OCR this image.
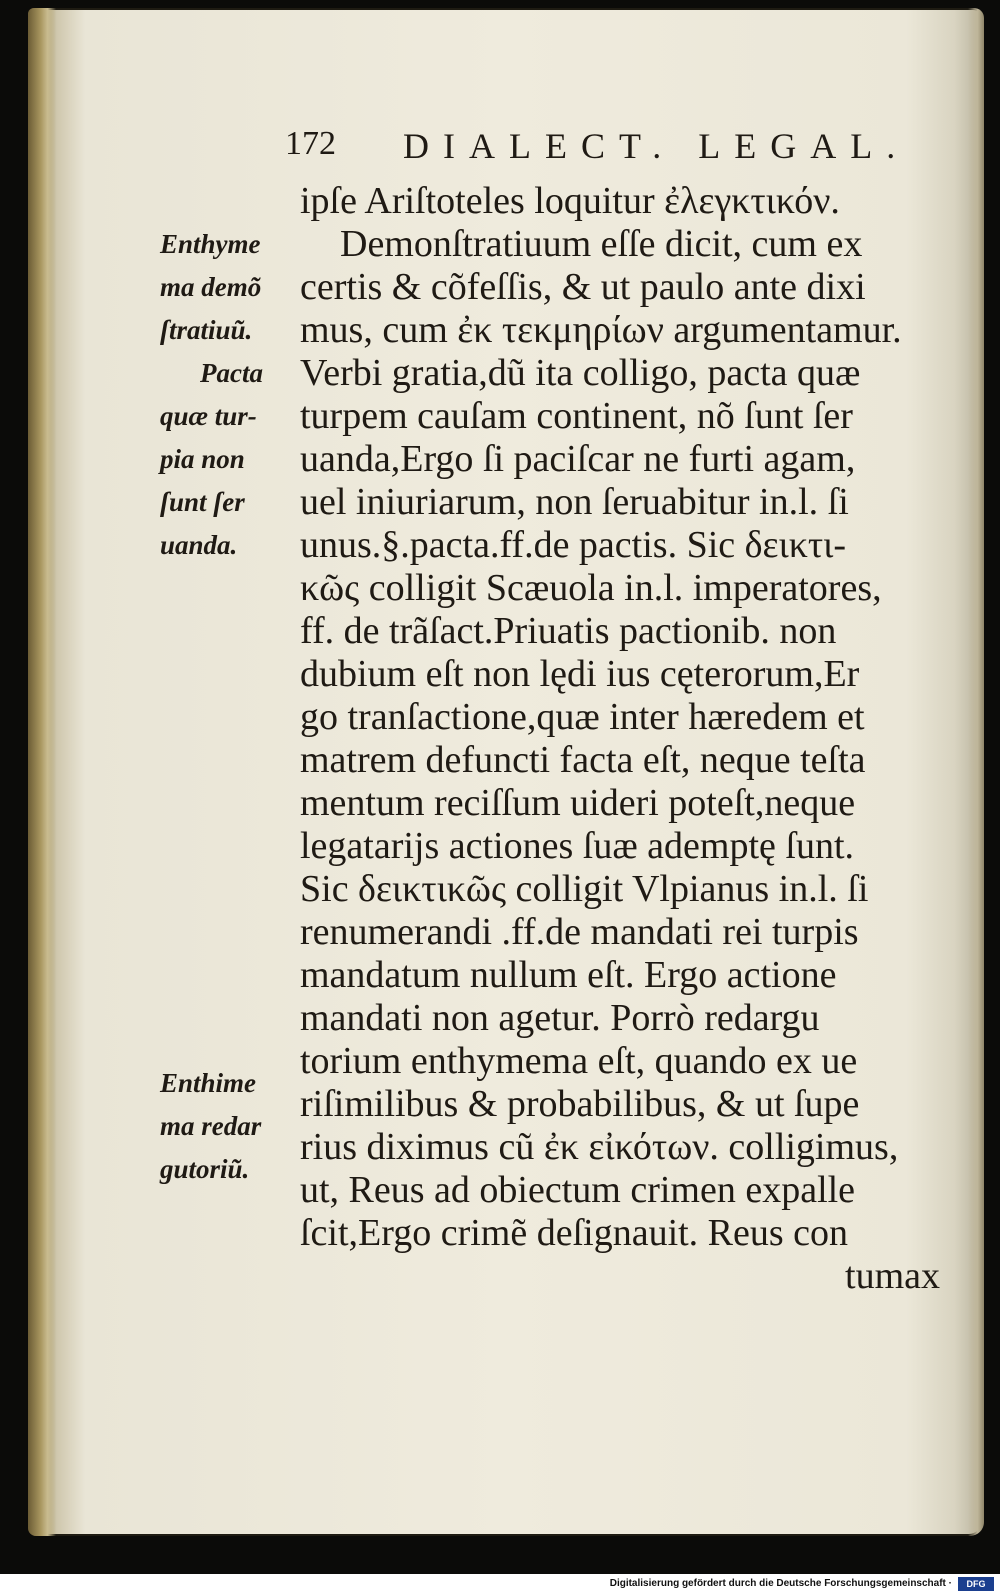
172 DIALECT. LEGAL.
Enthyme
ma demõ
ſtratiuũ.
Pacta
quæ tur-
pia non
ſunt ſer
uanda.
Enthime
ma redar
gutoriũ.
ipſe Ariſtoteles loquitur ἐλεγκτικόν.
Demonſtratiuum eſſe dicit, cum ex
certis & cõfeſſis, & ut paulo ante dixi
mus, cum ἐκ τεκμηρίων argumentamur.
Verbi gratia,dũ ita colligo, pacta quæ
turpem cauſam continent, nõ ſunt ſer
uanda,Ergo ſi paciſcar ne furti agam,
uel iniuriarum, non ſeruabitur in.l. ſi
unus.§.pacta.ff.de pactis. Sic δεικτι-
κῶς colligit Scæuola in.l. imperatores,
ff. de trãſact.Priuatis pactionib. non
dubium eſt non lędi ius cęterorum,Er
go tranſactione,quæ inter hæredem et
matrem defuncti facta eſt, neque teſta
mentum reciſſum uideri poteſt,neque
legatarijs actiones ſuæ ademptę ſunt.
Sic δεικτικῶς colligit Vlpianus in.l. ſi
renumerandi .ff.de mandati rei turpis
mandatum nullum eſt. Ergo actione
mandati non agetur. Porrò redargu
torium enthymema eſt, quando ex ue
riſimilibus & probabilibus, & ut ſupe
rius diximus cũ ἐκ εἰκότων. colligimus,
ut, Reus ad obiectum crimen expalle
ſcit,Ergo crimẽ deſignauit. Reus con
tumax
Digitalisierung gefördert durch die Deutsche Forschungsgemeinschaft ·	DFG
